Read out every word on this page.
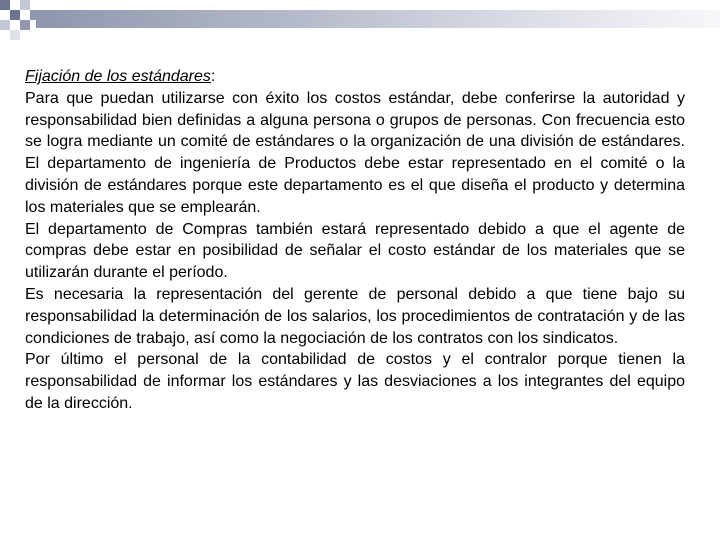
Fijación de los estándares:

Para que puedan utilizarse con éxito los costos estándar, debe conferirse la autoridad y responsabilidad bien definidas a alguna persona o grupos de personas. Con frecuencia esto se logra mediante un comité de estándares o la organización de una división de estándares. El departamento de ingeniería de Productos debe estar representado en el comité o la división de estándares porque este departamento es el que diseña el producto y determina los materiales que se emplearán.

El departamento de Compras también estará representado debido a que el agente de compras debe estar en posibilidad de señalar el costo estándar de los materiales que se utilizarán durante el período.

Es necesaria la representación del gerente de personal debido a que tiene bajo su responsabilidad la determinación de los salarios, los procedimientos de contratación y de las condiciones de trabajo, así como la negociación de los contratos con los sindicatos.

Por último el personal de la contabilidad de costos y el contralor porque tienen la responsabilidad de informar los estándares y las desviaciones a los integrantes del equipo de la dirección.
